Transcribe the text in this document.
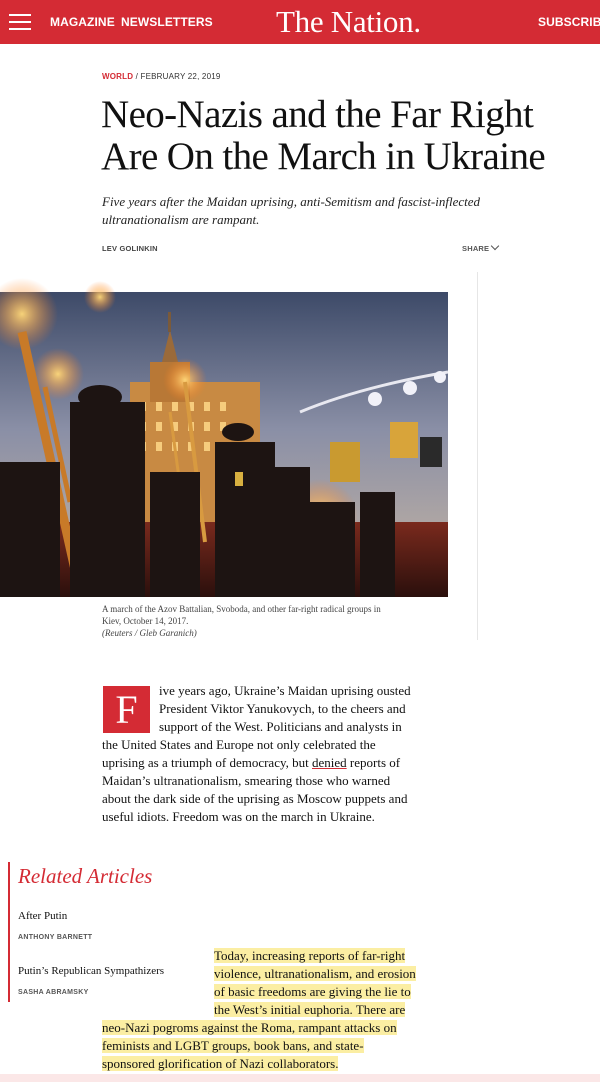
MAGAZINE NEWSLETTERS The Nation.	SUBSCRIBE
WORLD / FEBRUARY 22, 2019
Neo-Nazis and the Far Right
Are On the March in Ukraine

Five years after the Maidan uprising, anti-Semitism and fascist-inflected
ultranationalism are rampant.

LEV GOLINKIN	SHARE

A march of the Azov Battalian, Svoboda, and other far-right radical groups in
Kiev, October 14, 2017.
(Reuters / Gleb Garanich)

F	ive years ago, Ukraine’s Maidan uprising ousted
President Viktor Yanukovych, to the cheers and
support of the West. Politicians and analysts in
the United States and Europe not only celebrated the
uprising as a triumph of democracy, but denied reports of
Maidan’s ultranationalism, smearing those who warned
about the dark side of the uprising as Moscow puppets and
useful idiots. Freedom was on the march in Ukraine.
Related Articles
After Putin
ANTHONY BARNETT
Putin’s Republican Sympathizers
SASHA ABRAMSKY
Today, increasing reports of far-right
violence, ultranationalism, and erosion
of basic freedoms are giving the lie to
the West’s initial euphoria. There are
neo-Nazi pogroms against the Roma, rampant attacks on
feminists and LGBT groups, book bans, and state-
sponsored glorification of Nazi collaborators.
